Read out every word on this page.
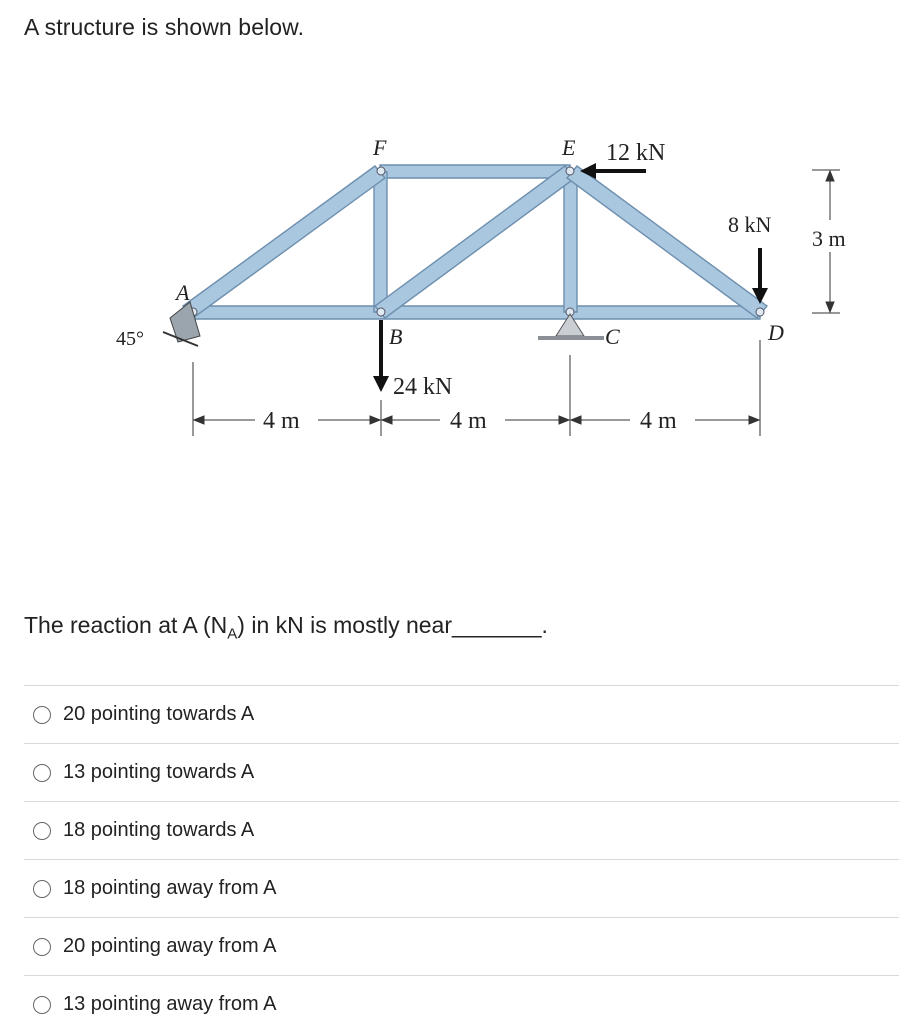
A structure is shown below.
F	E 12 kN
8 kN
3 m
A
45°	B	C	D
24 kN
4 m	4 m	4 m
The reaction at A $(N_A)$ in kN is mostly near_______.
20 pointing towards A
13 pointing towards A
18 pointing towards A
18 pointing away from A
20 pointing away from A
13 pointing away from A
